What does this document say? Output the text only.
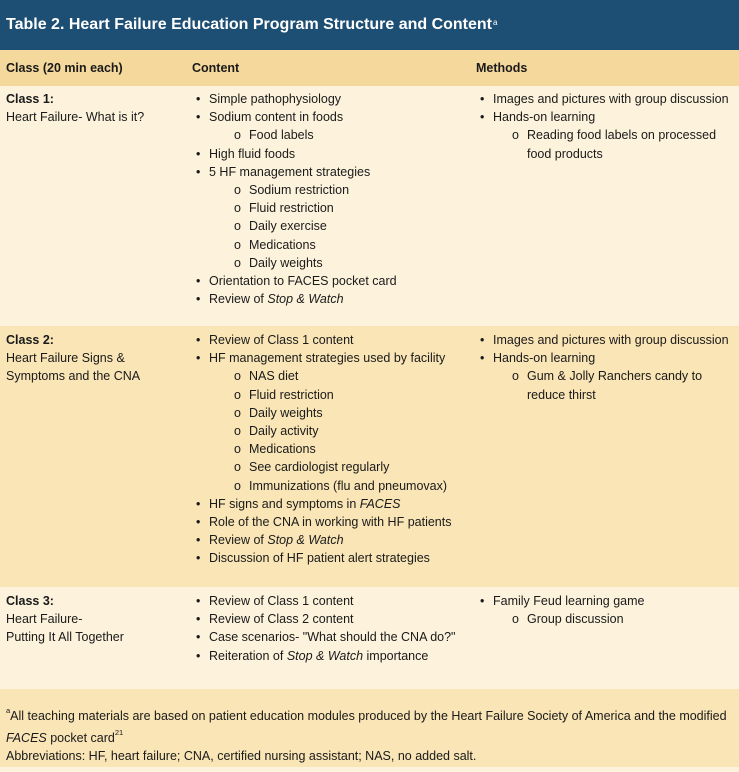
Table 2. Heart Failure Education Program Structure and Content$^a$
Class (20 min each)	Content	Methods
Class 1:
Heart Failure- What is it?
• Simple pathophysiology
• Sodium content in foods
o Food labels
• High fluid foods
• 5 HF management strategies
o Sodium restriction
o Fluid restriction
o Daily exercise
o Medications
o Daily weights
• Orientation to FACES pocket card
• Review of Stop & Watch
• Images and pictures with group discussion
• Hands-on learning
o Reading food labels on processed
food products
Class 2:
Heart Failure Signs &
Symptoms and the CNA
• Review of Class 1 content
• HF management strategies used by facility
o NAS diet
o Fluid restriction
o Daily weights
o Daily activity
o Medications
o See cardiologist regularly
o Immunizations (flu and pneumovax)
• HF signs and symptoms in FACES
• Role of the CNA in working with HF patients
• Review of Stop & Watch
• Discussion of HF patient alert strategies
• Images and pictures with group discussion
• Hands-on learning
o Gum & Jolly Ranchers candy to
reduce thirst
Class 3:
Heart Failure-
Putting It All Together
• Review of Class 1 content
• Review of Class 2 content
• Case scenarios- "What should the CNA do?"
• Reiteration of Stop & Watch importance
• Family Feud learning game
o Group discussion
$^a$All teaching materials are based on patient education modules produced by the Heart Failure Society of America and the modified FACES pocket card$^{21}$
Abbreviations: HF, heart failure; CNA, certified nursing assistant; NAS, no added salt.
